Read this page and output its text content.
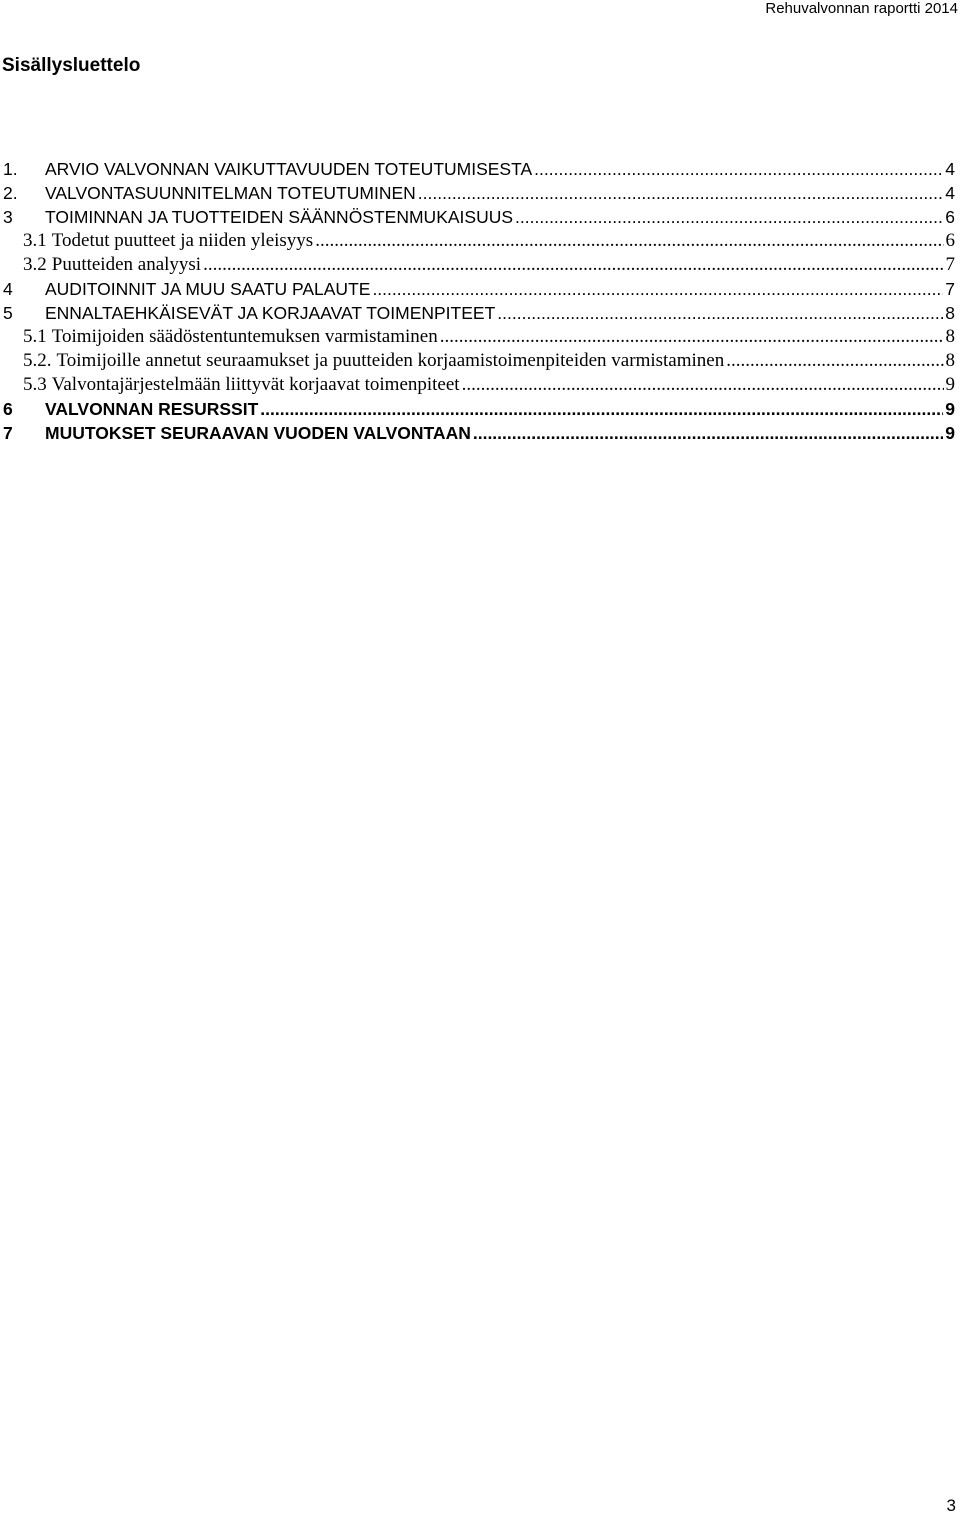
Rehuvalvonnan raportti 2014
Sisällysluettelo
1.	ARVIO VALVONNAN VAIKUTTAVUUDEN TOTEUTUMISESTA .....	4
2.	VALVONTASUUNNITELMAN TOTEUTUMINEN .....	4
3	TOIMINNAN JA TUOTTEIDEN SÄÄNNÖSTENMUKAISUUS .....	6
3.1 Todetut puutteet ja niiden yleisyys .....	6
3.2 Puutteiden analyysi .....	7
4	AUDITOINNIT JA MUU SAATU PALAUTE .....	7
5	ENNALTAEHKÄISEVÄT JA KORJAAVAT TOIMENPITEET .....	8
5.1 Toimijoiden säädöstentuntemuksen varmistaminen .....	8
5.2. Toimijoille annetut seuraamukset ja puutteiden korjaamistoimenpiteiden varmistaminen .....	8
5.3 Valvontajärjestelmään liittyvät korjaavat toimenpiteet .....	9
6	VALVONNAN RESURSSIT .....	9
7	MUUTOKSET SEURAAVAN VUODEN VALVONTAAN .....	9
3
